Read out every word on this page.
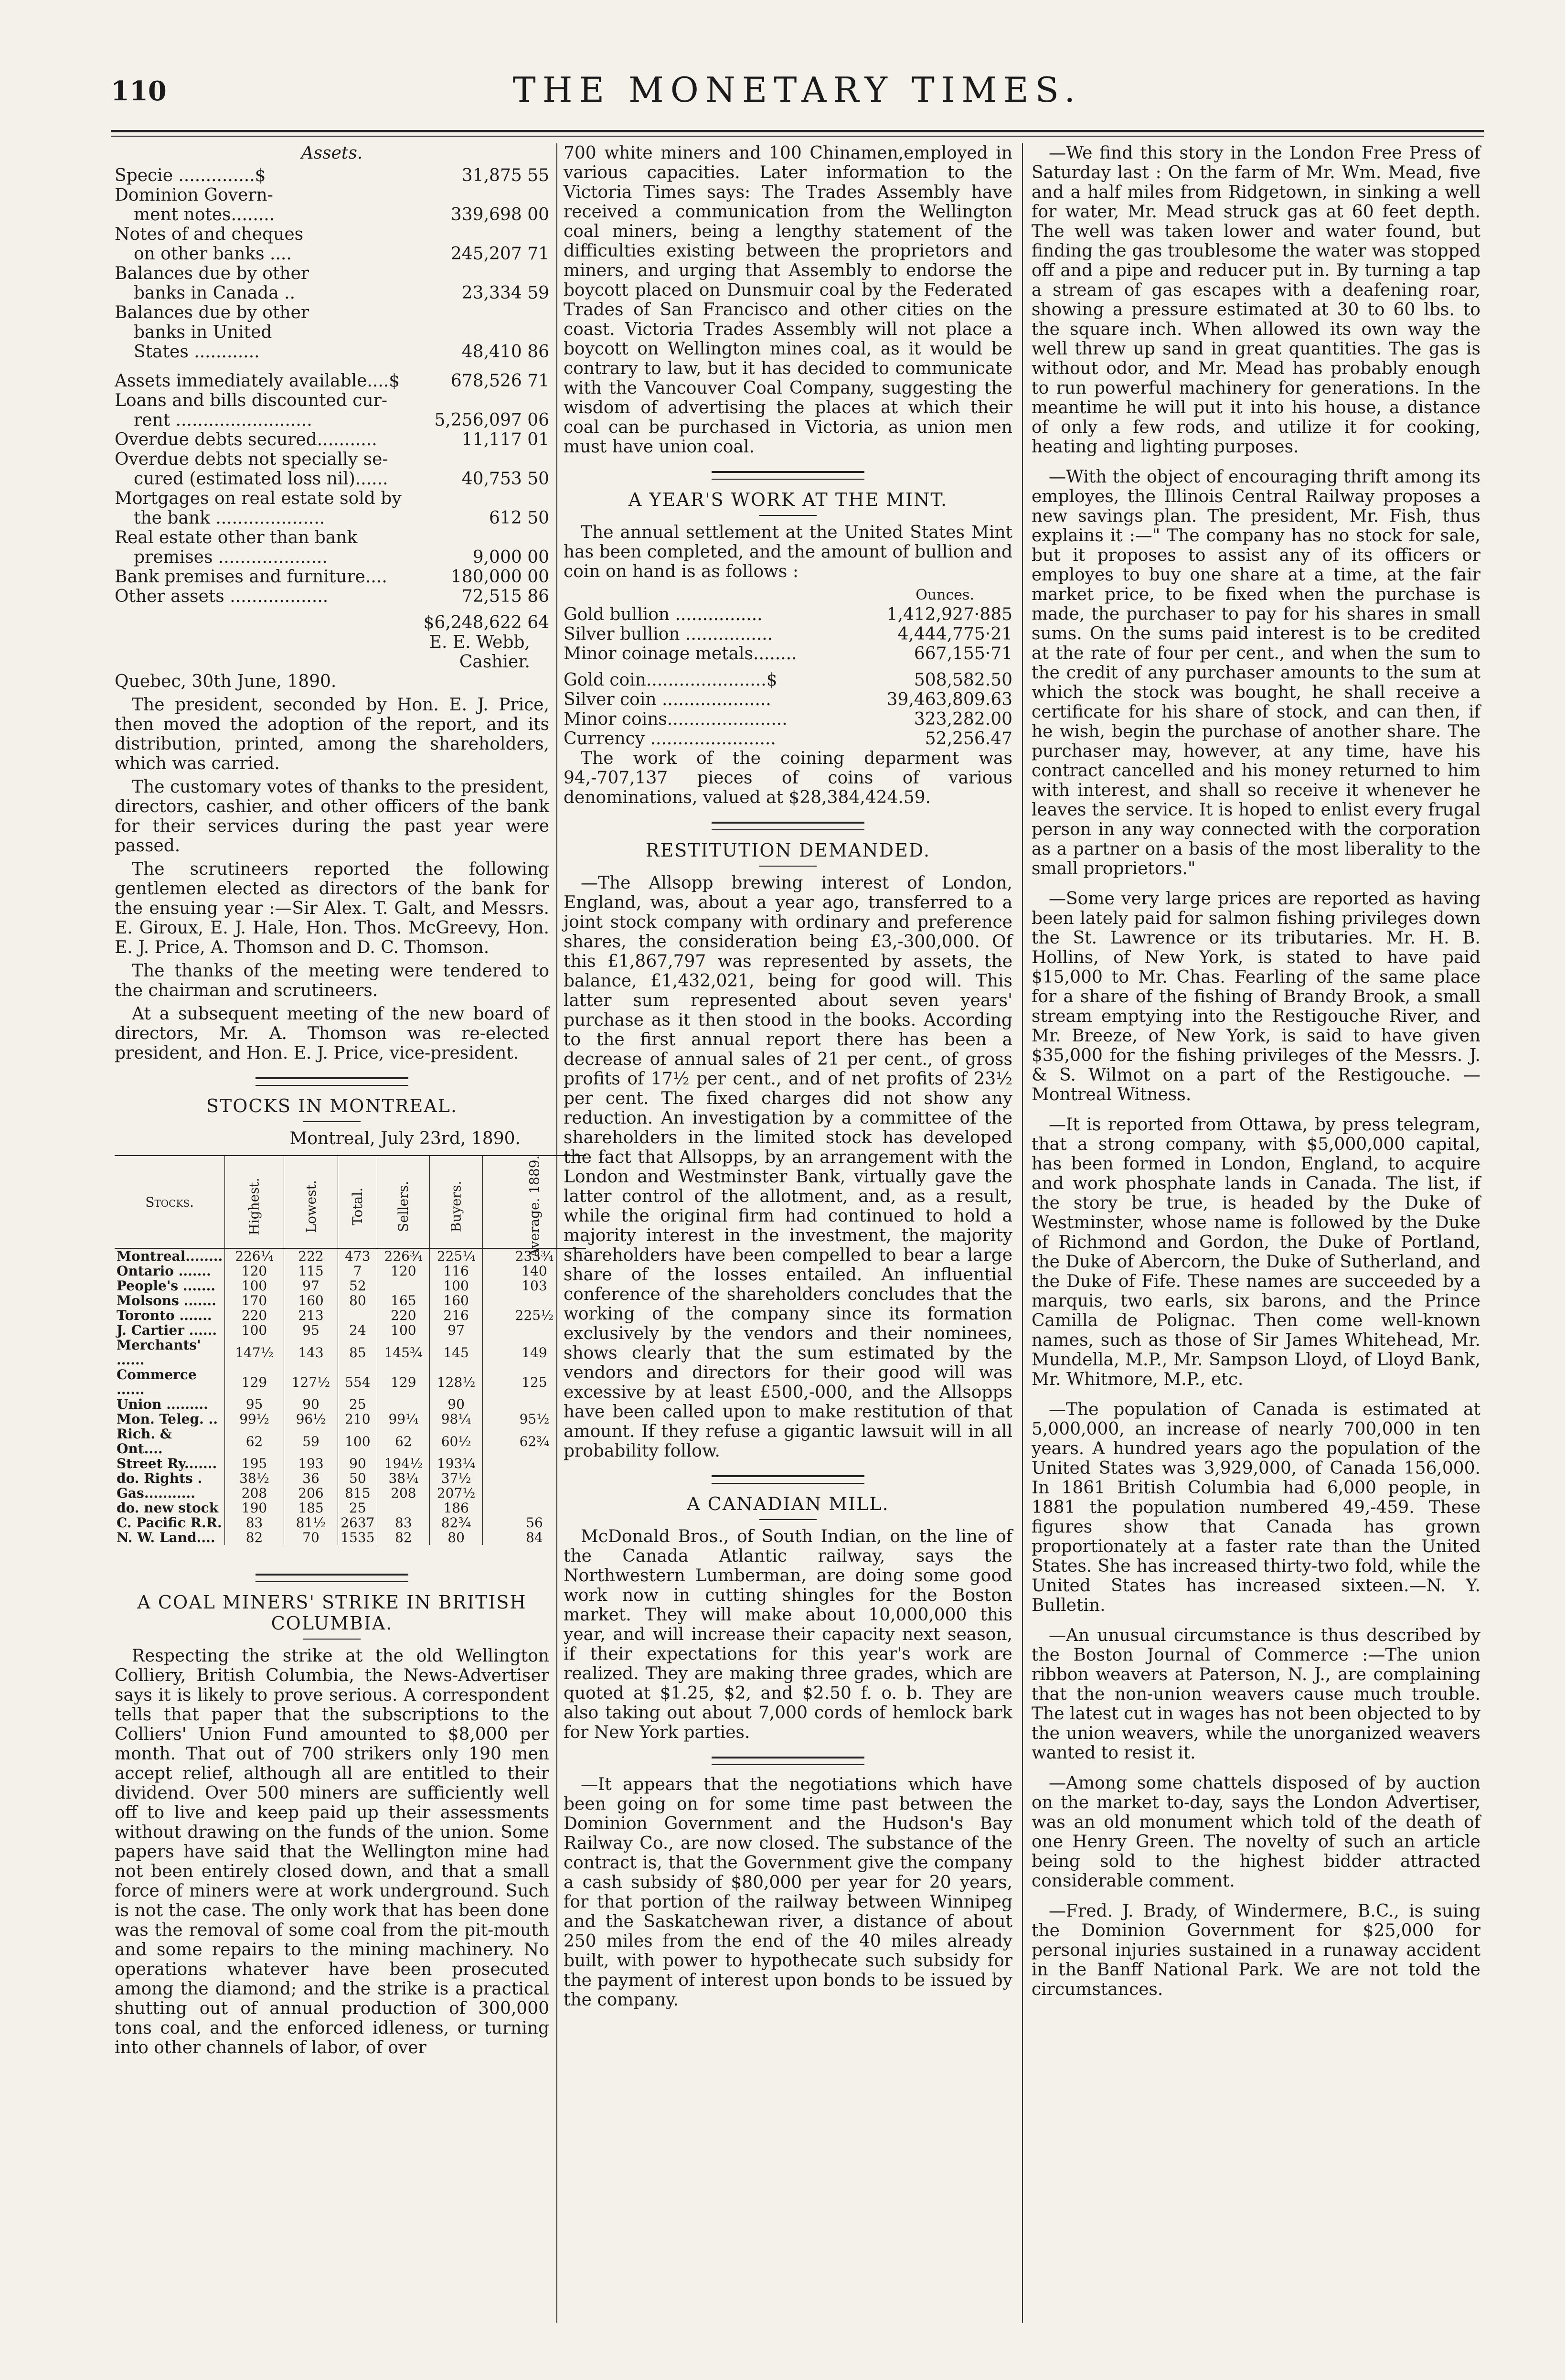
110	THE MONETARY TIMES.
Assets.
Specie ..............$	31,875 55
Dominion Govern-
ment notes........	339,698 00
Notes of and cheques
on other banks ....	245,207 71
Balances due by other
banks in Canada ..	23,334 59
Balances due by other
banks in United
States ............	48,410 86
Assets immediately available....$	678,526 71
Loans and bills discounted cur-
rent .........................	5,256,097 06
Overdue debts secured...........	11,117 01
Overdue debts not specially se-
cured (estimated loss nil)......	40,753 50
Mortgages on real estate sold by
the bank ....................	612 50
Real estate other than bank
premises ....................	9,000 00
Bank premises and furniture....	180,000 00
Other assets ..................	72,515 86
$6,248,622 64
E. E. Webb,
Cashier.

Quebec, 30th June, 1890.

The president, seconded by Hon. E. J. Price, then moved the adoption of the report, and its distribution, printed, among the shareholders, which was carried.

The customary votes of thanks to the president, directors, cashier, and other officers of the bank for their services during the past year were passed.

The scrutineers reported the following gentlemen elected as directors of the bank for the ensuing year :—Sir Alex. T. Galt, and Messrs. E. Giroux, E. J. Hale, Hon. Thos. McGreevy, Hon. E. J. Price, A. Thomson and D. C. Thomson.

The thanks of the meeting were tendered to the chairman and scrutineers.

At a subsequent meeting of the new board of directors, Mr. A. Thomson was re-elected president, and Hon. E. J. Price, vice-president.

STOCKS IN MONTREAL.
Montreal, July 23rd, 1890.
Stocks.	Highest.	Lowest.	Total.	Sellers.	Buyers.	Average. 1889.
Montreal........	226¼	222	473	226¾	225¼	233¾
Ontario .......	120	115	7	120	116	140
People's .......	100	97	52		100	103
Molsons .......	170	160	80	165	160	
Toronto .......	220	213		220	216	225½
J. Cartier ......	100	95	24	100	97	
Merchants' ......	147½	143	85	145¾	145	149
Commerce ......	129	127½	554	129	128½	125
Union .........	95	90	25		90	
Mon. Teleg. ..	99½	96½	210	99¼	98¼	95½
Rich. & Ont....	62	59	100	62	60½	62¾
Street Ry.......	195	193	90	194½	193¼	
do. Rights .	38½	36	50	38¼	37½	
Gas...........	208	206	815	208	207½	
do. new stock	190	185	25		186	
C. Pacific R.R.	83	81½	2637	83	82¾	56
N. W. Land....	82	70	1535	82	80	84
A COAL MINERS' STRIKE IN BRITISH COLUMBIA.

Respecting the strike at the old Wellington Colliery, British Columbia, the News-Advertiser says it is likely to prove serious. A correspondent tells that paper that the subscriptions to the Colliers' Union Fund amounted to $8,000 per month. That out of 700 strikers only 190 men accept relief, although all are entitled to their dividend. Over 500 miners are sufficiently well off to live and keep paid up their assessments without drawing on the funds of the union. Some papers have said that the Wellington mine had not been entirely closed down, and that a small force of miners were at work underground. Such is not the case. The only work that has been done was the removal of some coal from the pit-mouth and some repairs to the mining machinery. No operations whatever have been prosecuted among the diamond; and the strike is a practical shutting out of annual production of 300,000 tons coal, and the enforced idleness, or turning into other channels of labor, of over

700 white miners and 100 Chinamen,employed in various capacities. Later information to the Victoria Times says: The Trades Assembly have received a communication from the Wellington coal miners, being a lengthy statement of the difficulties existing between the proprietors and miners, and urging that Assembly to endorse the boycott placed on Dunsmuir coal by the Federated Trades of San Francisco and other cities on the coast. Victoria Trades Assembly will not place a boycott on Wellington mines coal, as it would be contrary to law, but it has decided to communicate with the Vancouver Coal Company, suggesting the wisdom of advertising the places at which their coal can be purchased in Victoria, as union men must have union coal.

A YEAR'S WORK AT THE MINT.

The annual settlement at the United States Mint has been completed, and the amount of bullion and coin on hand is as follows :

Ounces.
Gold bullion ................	1,412,927·885
Silver bullion ................	4,444,775·21
Minor coinage metals........	667,155·71
Gold coin......................$	508,582.50
Silver coin ....................	39,463,809.63
Minor coins......................	323,282.00
Currency .......................	52,256.47

The work of the coining deparment was 94,-707,137 pieces of coins of various denominations, valued at $28,384,424.59.

RESTITUTION DEMANDED.

—The Allsopp brewing interest of London, England, was, about a year ago, transferred to a joint stock company with ordinary and preference shares, the consideration being £3,-300,000. Of this £1,867,797 was represented by assets, the balance, £1,432,021, being for good will. This latter sum represented about seven years' purchase as it then stood in the books. According to the first annual report there has been a decrease of annual sales of 21 per cent., of gross profits of 17½ per cent., and of net profits of 23½ per cent. The fixed charges did not show any reduction. An investigation by a committee of the shareholders in the limited stock has developed the fact that Allsopps, by an arrangement with the London and Westminster Bank, virtually gave the latter control of the allotment, and, as a result, while the original firm had continued to hold a majority interest in the investment, the majority shareholders have been compelled to bear a large share of the losses entailed. An influential conference of the shareholders concludes that the working of the company since its formation exclusively by the vendors and their nominees, shows clearly that the sum estimated by the vendors and directors for their good will was excessive by at least £500,-000, and the Allsopps have been called upon to make restitution of that amount. If they refuse a gigantic lawsuit will in all probability follow.

A CANADIAN MILL.

McDonald Bros., of South Indian, on the line of the Canada Atlantic railway, says the Northwestern Lumberman, are doing some good work now in cutting shingles for the Boston market. They will make about 10,000,000 this year, and will increase their capacity next season, if their expectations for this year's work are realized. They are making three grades, which are quoted at $1.25, $2, and $2.50 f. o. b. They are also taking out about 7,000 cords of hemlock bark for New York parties.

—It appears that the negotiations which have been going on for some time past between the Dominion Government and the Hudson's Bay Railway Co., are now closed. The substance of the contract is, that the Government give the company a cash subsidy of $80,000 per year for 20 years, for that portion of the railway between Winnipeg and the Saskatchewan river, a distance of about 250 miles from the end of the 40 miles already built, with power to hypothecate such subsidy for the payment of interest upon bonds to be issued by the company.

—We find this story in the London Free Press of Saturday last : On the farm of Mr. Wm. Mead, five and a half miles from Ridgetown, in sinking a well for water, Mr. Mead struck gas at 60 feet depth. The well was taken lower and water found, but finding the gas troublesome the water was stopped off and a pipe and reducer put in. By turning a tap a stream of gas escapes with a deafening roar, showing a pressure estimated at 30 to 60 lbs. to the square inch. When allowed its own way the well threw up sand in great quantities. The gas is without odor, and Mr. Mead has probably enough to run powerful machinery for generations. In the meantime he will put it into his house, a distance of only a few rods, and utilize it for cooking, heating and lighting purposes.

—With the object of encouraging thrift among its employes, the Illinois Central Railway proposes a new savings plan. The president, Mr. Fish, thus explains it :—" The company has no stock for sale, but it proposes to assist any of its officers or employes to buy one share at a time, at the fair market price, to be fixed when the purchase is made, the purchaser to pay for his shares in small sums. On the sums paid interest is to be credited at the rate of four per cent., and when the sum to the credit of any purchaser amounts to the sum at which the stock was bought, he shall receive a certificate for his share of stock, and can then, if he wish, begin the purchase of another share. The purchaser may, however, at any time, have his contract cancelled and his money returned to him with interest, and shall so receive it whenever he leaves the service. It is hoped to enlist every frugal person in any way connected with the corporation as a partner on a basis of the most liberality to the small proprietors."

—Some very large prices are reported as having been lately paid for salmon fishing privileges down the St. Lawrence or its tributaries. Mr. H. B. Hollins, of New York, is stated to have paid $15,000 to Mr. Chas. Fearling of the same place for a share of the fishing of Brandy Brook, a small stream emptying into the Restigouche River, and Mr. Breeze, of New York, is said to have given $35,000 for the fishing privileges of the Messrs. J. & S. Wilmot on a part of the Restigouche. —Montreal Witness.

—It is reported from Ottawa, by press telegram, that a strong company, with $5,000,000 capital, has been formed in London, England, to acquire and work phosphate lands in Canada. The list, if the story be true, is headed by the Duke of Westminster, whose name is followed by the Duke of Richmond and Gordon, the Duke of Portland, the Duke of Abercorn, the Duke of Sutherland, and the Duke of Fife. These names are succeeded by a marquis, two earls, six barons, and the Prince Camilla de Polignac. Then come well-known names, such as those of Sir James Whitehead, Mr. Mundella, M.P., Mr. Sampson Lloyd, of Lloyd Bank, Mr. Whitmore, M.P., etc.

—The population of Canada is estimated at 5,000,000, an increase of nearly 700,000 in ten years. A hundred years ago the population of the United States was 3,929,000, of Canada 156,000. In 1861 British Columbia had 6,000 people, in 1881 the population numbered 49,-459. These figures show that Canada has grown proportionately at a faster rate than the United States. She has increased thirty-two fold, while the United States has increased sixteen.—N. Y. Bulletin.

—An unusual circumstance is thus described by the Boston Journal of Commerce :—The union ribbon weavers at Paterson, N. J., are complaining that the non-union weavers cause much trouble. The latest cut in wages has not been objected to by the union weavers, while the unorganized weavers wanted to resist it.

—Among some chattels disposed of by auction on the market to-day, says the London Advertiser, was an old monument which told of the death of one Henry Green. The novelty of such an article being sold to the highest bidder attracted considerable comment.

—Fred. J. Brady, of Windermere, B.C., is suing the Dominion Government for $25,000 for personal injuries sustained in a runaway accident in the Banff National Park. We are not told the circumstances.
